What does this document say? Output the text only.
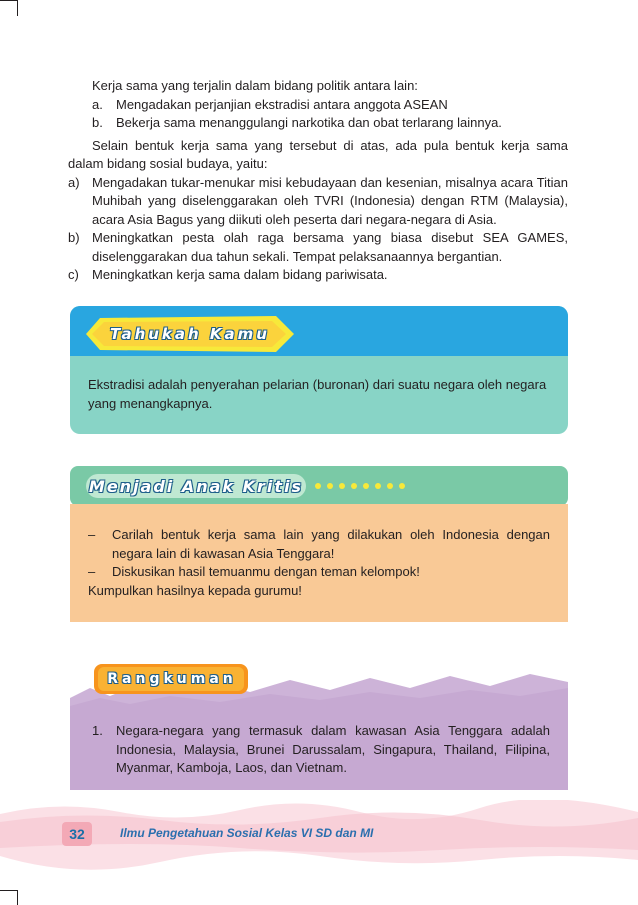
Kerja sama yang terjalin dalam bidang politik antara lain:

a.	Mengadakan perjanjian ekstradisi antara anggota ASEAN
b.	Bekerja sama menanggulangi narkotika dan obat terlarang lainnya.

Selain bentuk kerja sama yang tersebut di atas, ada pula bentuk kerja sama dalam bidang sosial budaya, yaitu:

a) Mengadakan tukar-menukar misi kebudayaan dan kesenian, misalnya acara Titian Muhibah yang diselenggarakan oleh TVRI (Indonesia) dengan RTM (Malaysia), acara Asia Bagus yang diikuti oleh peserta dari negara-negara di Asia.
b) Meningkatkan pesta olah raga bersama yang biasa disebut SEA GAMES, diselenggarakan dua tahun sekali. Tempat pelaksanaannya bergantian.
c)	Meningkatkan kerja sama dalam bidang pariwisata.
Tahukah Kamu
Ekstradisi adalah penyerahan pelarian (buronan) dari suatu negara oleh negara yang menangkapnya.
Menjadi Anak Kritis
–	Carilah bentuk kerja sama lain yang dilakukan oleh Indonesia dengan negara lain di kawasan Asia Tenggara!
–	Diskusikan hasil temuanmu dengan teman kelompok!
Kumpulkan hasilnya kepada gurumu!
Rangkuman
1.	Negara-negara yang termasuk dalam kawasan Asia Tenggara adalah Indonesia, Malaysia, Brunei Darussalam, Singapura, Thailand, Filipina, Myanmar, Kamboja, Laos, dan Vietnam.
32	Ilmu Pengetahuan Sosial Kelas VI SD dan MI
